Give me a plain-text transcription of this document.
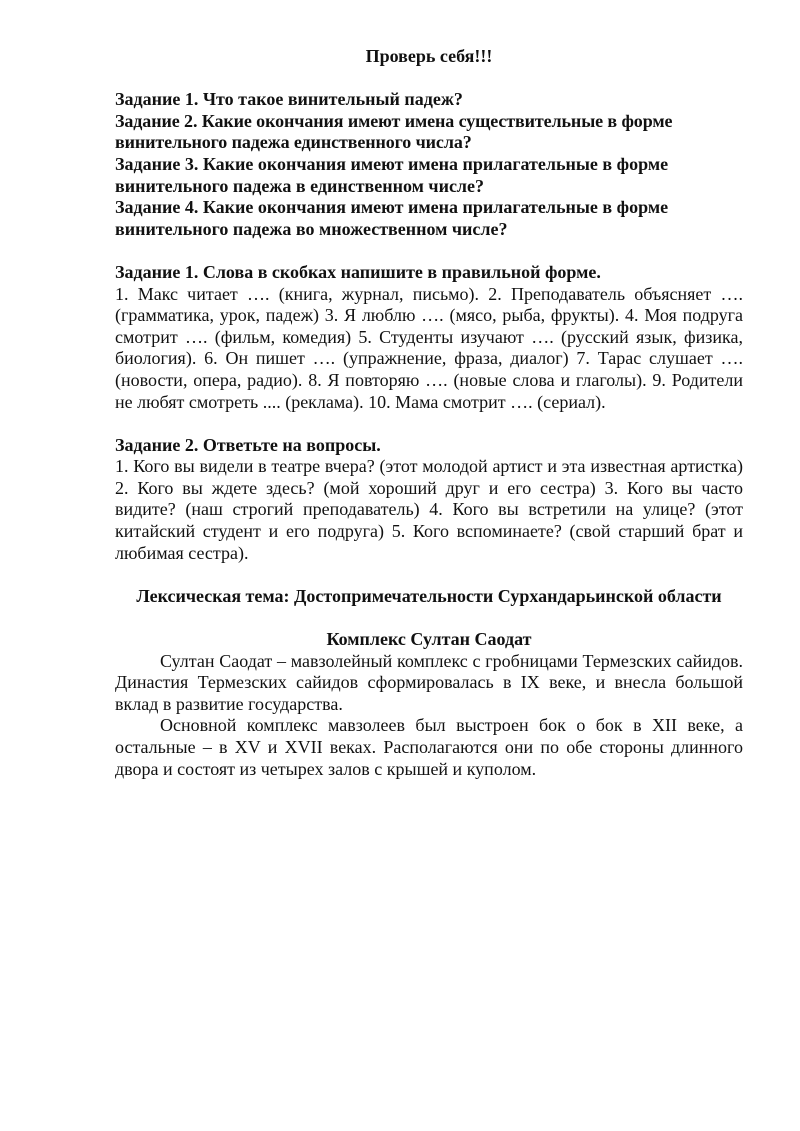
Проверь себя!!!

Задание 1. Что такое винительный падеж?

Задание 2. Какие окончания имеют имена существительные в форме винительного падежа единственного числа?

Задание 3. Какие окончания имеют имена прилагательные в форме винительного падежа в единственном числе?

Задание 4. Какие окончания имеют имена прилагательные в форме винительного падежа во множественном числе?

Задание 1. Слова в скобках напишите в правильной форме.

1. Макс читает …. (книга, журнал, письмо). 2. Преподаватель объясняет …. (грамматика, урок, падеж) 3. Я люблю …. (мясо, рыба, фрукты). 4. Моя подруга смотрит …. (фильм, комедия) 5. Студенты изучают …. (русский язык, физика, биология). 6. Он пишет …. (упражнение, фраза, диалог) 7. Тарас слушает …. (новости, опера, радио). 8. Я повторяю …. (новые слова и глаголы). 9. Родители не любят смотреть .... (реклама). 10. Мама смотрит …. (сериал).

Задание 2. Ответьте на вопросы.

1. Кого вы видели в театре вчера? (этот молодой артист и эта известная артистка) 2. Кого вы ждете здесь? (мой хороший друг и его сестра) 3. Кого вы часто видите? (наш строгий преподаватель) 4. Кого вы встретили на улице? (этот китайский студент и его подруга) 5. Кого вспоминаете? (свой старший брат и любимая сестра).

Лексическая тема: Достопримечательности Сурхандарьинской области

Комплекс Султан Саодат

Султан Саодат – мавзолейный комплекс с гробницами Термезских сайидов. Династия Термезских сайидов сформировалась в IX веке, и внесла большой вклад в развитие государства.

Основной комплекс мавзолеев был выстроен бок о бок в XII веке, а остальные – в XV и XVII веках. Располагаются они по обе стороны длинного двора и состоят из четырех залов с крышей и куполом.
